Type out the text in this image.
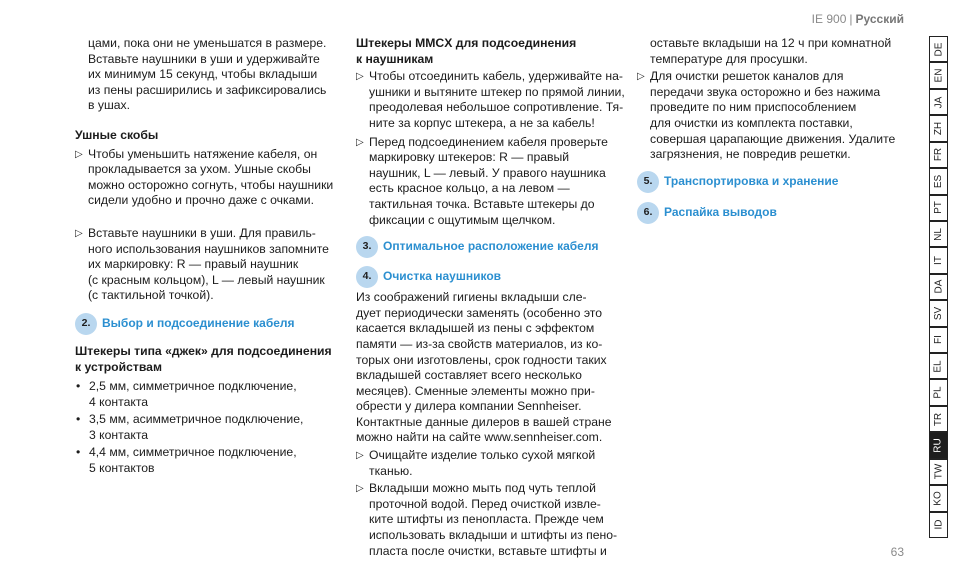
IE 900 | Русский
цами, пока они не уменьшатся в размере.
Вставьте наушники в уши и удерживайте
их минимум 15 секунд, чтобы вкладыши
из пены расширились и зафиксировались
в ушах.
Ушные скобы
▷ Чтобы уменьшить натяжение кабеля, он
прокладывается за ухом. Ушные скобы
можно осторожно согнуть, чтобы наушники
сидели удобно и прочно даже с очками.
▷ Вставьте наушники в уши. Для правиль-
ного использования наушников запомните
их маркировку: R — правый наушник
(с красным кольцом), L — левый наушник
(с тактильной точкой).
2. Выбор и подсоединение кабеля
Штекеры типа «джек» для подсоединения
к устройствам
• 2,5 мм, симметричное подключение,
4 контакта
• 3,5 мм, асимметричное подключение,
3 контакта
• 4,4 мм, симметричное подключение,
5 контактов
Штекеры MMCX для подсоединения
к наушникам
▷ Чтобы отсоединить кабель, удерживайте на-
ушники и вытяните штекер по прямой линии,
преодолевая небольшое сопротивление. Тя-
ните за корпус штекера, а не за кабель!
▷ Перед подсоединением кабеля проверьте
маркировку штекеров: R — правый
наушник, L — левый. У правого наушника
есть красное кольцо, а на левом —
тактильная точка. Вставьте штекеры до
фиксации с ощутимым щелчком.
3. Оптимальное расположение кабеля
4. Очистка наушников
Из соображений гигиены вкладыши сле-
дует периодически заменять (особенно это
касается вкладышей из пены с эффектом
памяти — из-за свойств материалов, из ко-
торых они изготовлены, срок годности таких
вкладышей составляет всего несколько
месяцев). Сменные элементы можно при-
обрести у дилера компании Sennheiser.
Контактные данные дилеров в вашей стране
можно найти на сайте www.sennheiser.com.
▷ Очищайте изделие только сухой мягкой
тканью.
▷ Вкладыши можно мыть под чуть теплой
проточной водой. Перед очисткой извле-
ките штифты из пенопласта. Прежде чем
использовать вкладыши и штифты из пено-
пласта после очистки, вставьте штифты и
оставьте вкладыши на 12 ч при комнатной
температуре для просушки.
▷ Для очистки решеток каналов для
передачи звука осторожно и без нажима
проведите по ним приспособлением
для очистки из комплекта поставки,
совершая царапающие движения. Удалите
загрязнения, не повредив решетки.
5. Транспортировка и хранение
6. Распайка выводов
DE
EN
JA
ZH
FR
ES
PT
NL
IT
DA
SV
FI
EL
PL
TR
RU
TW
KO
ID
63
